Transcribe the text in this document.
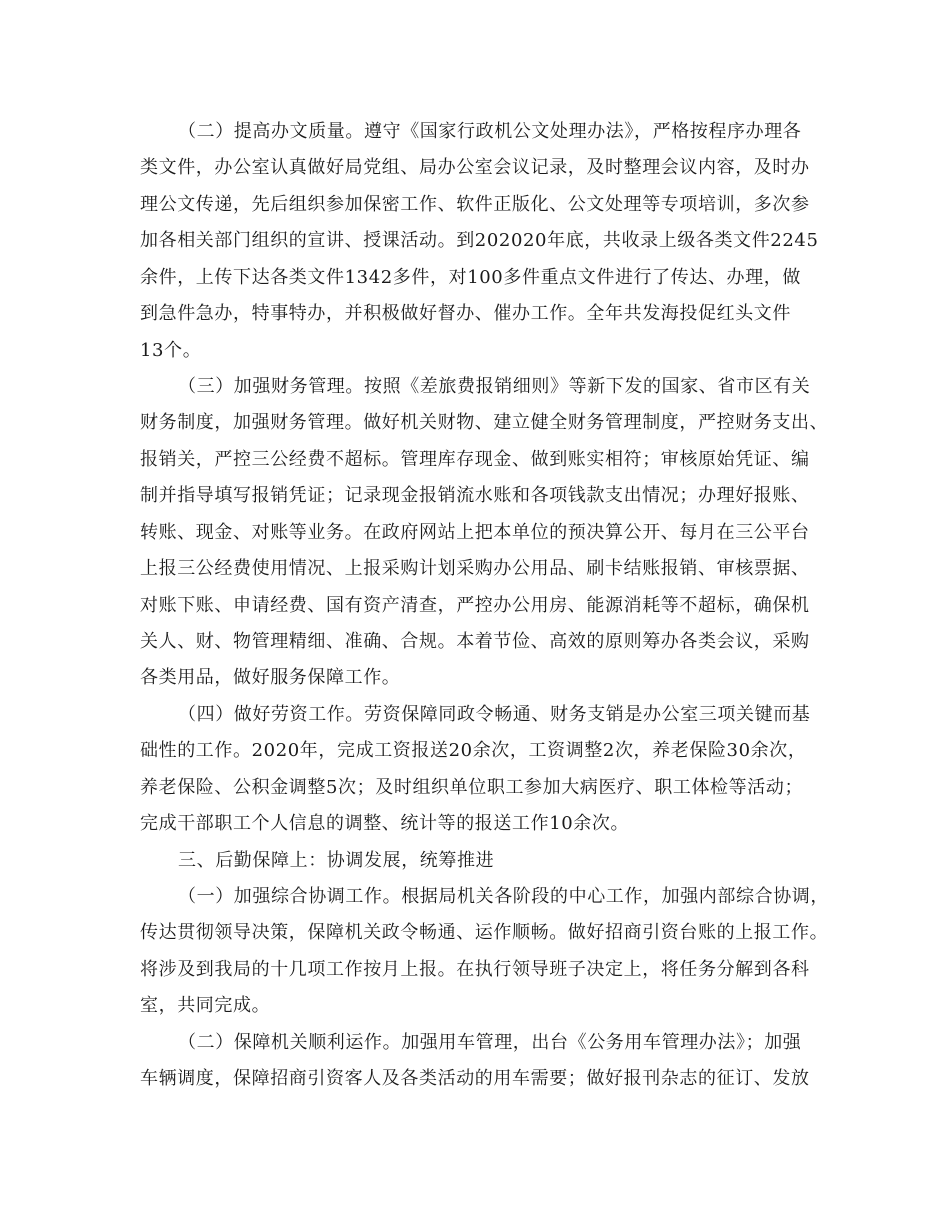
（二）提高办文质量。遵守《国家行政机公文处理办法》，严格按程序办理各
类文件，办公室认真做好局党组、局办公室会议记录，及时整理会议内容，及时办
理公文传递，先后组织参加保密工作、软件正版化、公文处理等专项培训，多次参
加各相关部门组织的宣讲、授课活动。到202020年底，共收录上级各类文件2245
余件，上传下达各类文件1342多件，对100多件重点文件进行了传达、办理，做
到急件急办，特事特办，并积极做好督办、催办工作。全年共发海投促红头文件
13个。
（三）加强财务管理。按照《差旅费报销细则》等新下发的国家、省市区有关
财务制度，加强财务管理。做好机关财物、建立健全财务管理制度，严控财务支出、
报销关，严控三公经费不超标。管理库存现金、做到账实相符；审核原始凭证、编
制并指导填写报销凭证；记录现金报销流水账和各项钱款支出情况；办理好报账、
转账、现金、对账等业务。在政府网站上把本单位的预决算公开、每月在三公平台
上报三公经费使用情况、上报采购计划采购办公用品、刷卡结账报销、审核票据、
对账下账、申请经费、国有资产清查，严控办公用房、能源消耗等不超标，确保机
关人、财、物管理精细、准确、合规。本着节俭、高效的原则筹办各类会议，采购
各类用品，做好服务保障工作。
（四）做好劳资工作。劳资保障同政令畅通、财务支销是办公室三项关键而基
础性的工作。2020年，完成工资报送20余次，工资调整2次，养老保险30余次，
养老保险、公积金调整5次；及时组织单位职工参加大病医疗、职工体检等活动；
完成干部职工个人信息的调整、统计等的报送工作10余次。
三、后勤保障上：协调发展，统筹推进
（一）加强综合协调工作。根据局机关各阶段的中心工作，加强内部综合协调，
传达贯彻领导决策，保障机关政令畅通、运作顺畅。做好招商引资台账的上报工作。
将涉及到我局的十几项工作按月上报。在执行领导班子决定上，将任务分解到各科
室，共同完成。
（二）保障机关顺利运作。加强用车管理，出台《公务用车管理办法》；加强
车辆调度，保障招商引资客人及各类活动的用车需要；做好报刊杂志的征订、发放
